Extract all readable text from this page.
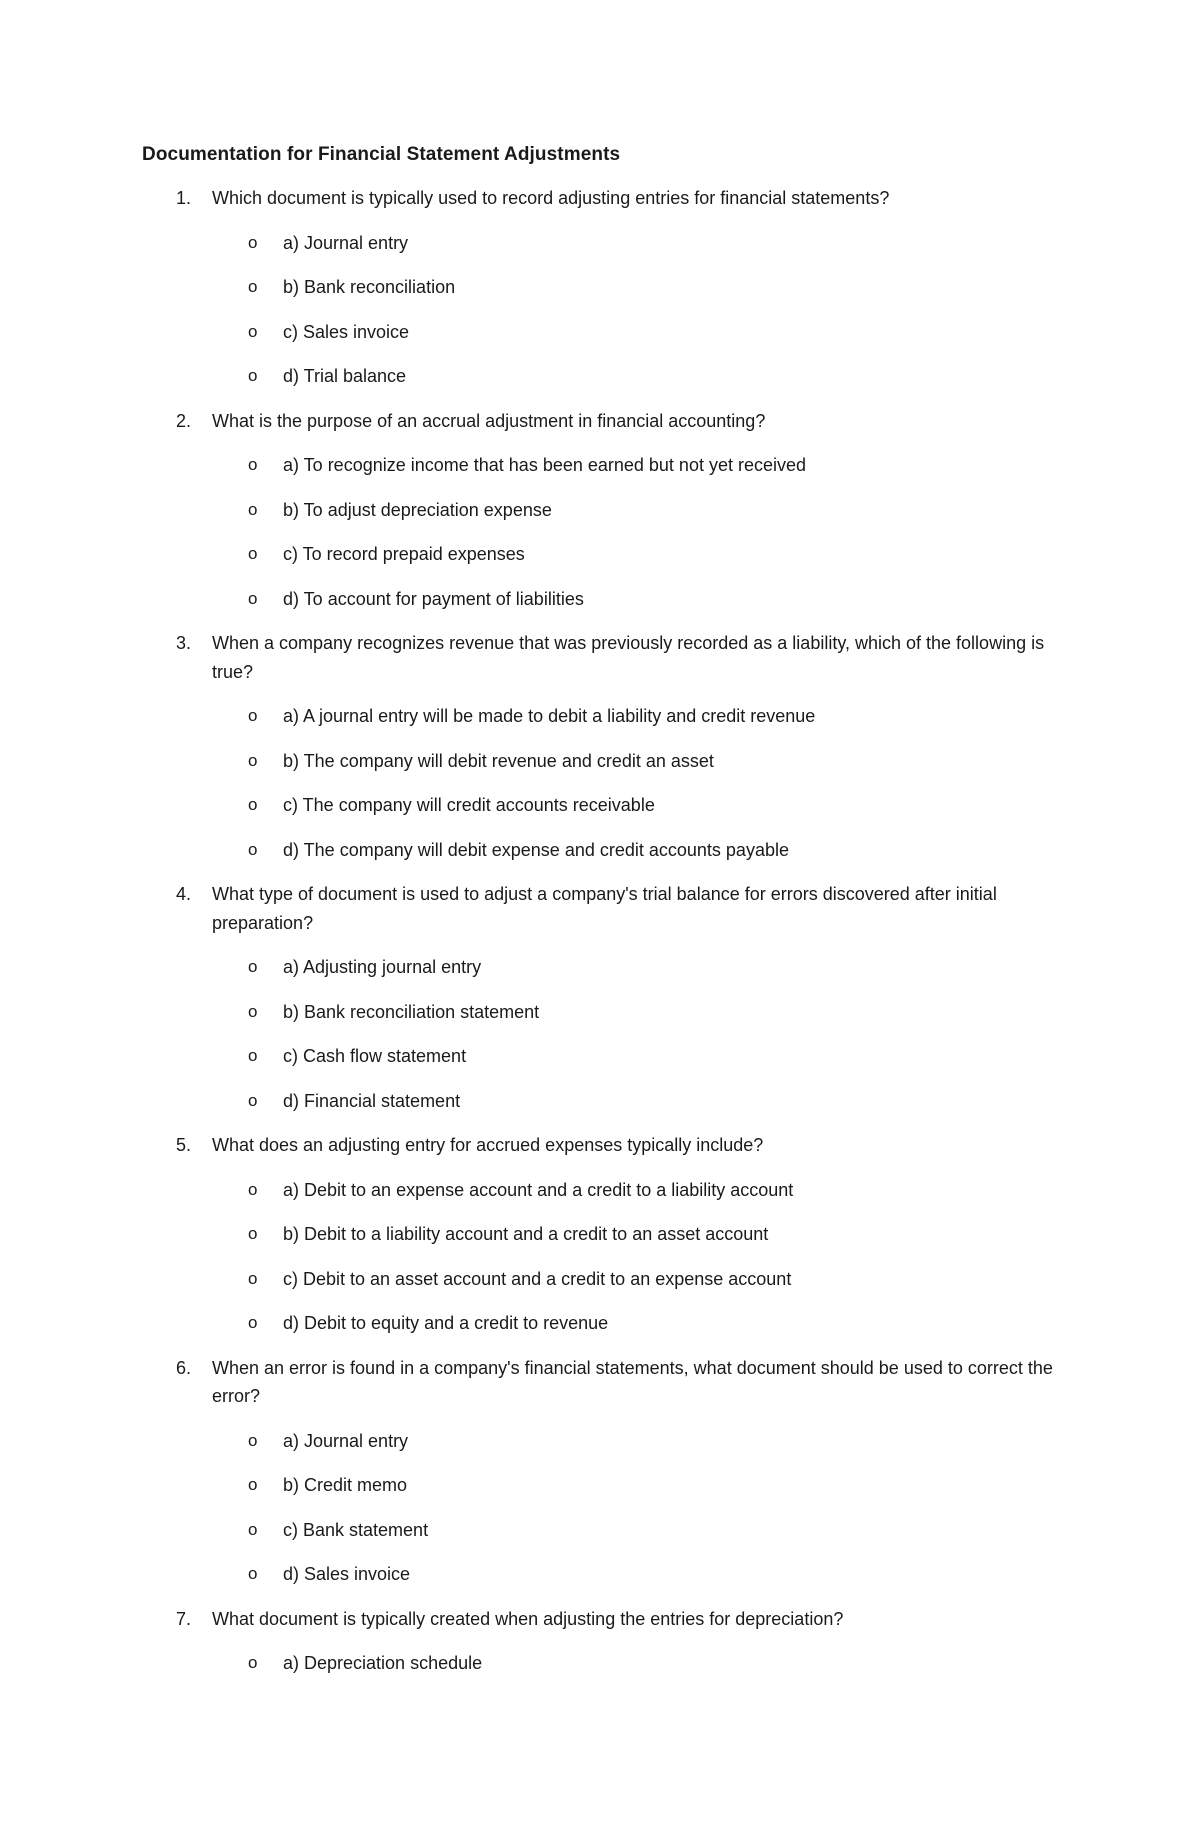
Documentation for Financial Statement Adjustments
1. Which document is typically used to record adjusting entries for financial statements?
o a) Journal entry
o b) Bank reconciliation
o c) Sales invoice
o d) Trial balance
2. What is the purpose of an accrual adjustment in financial accounting?
o a) To recognize income that has been earned but not yet received
o b) To adjust depreciation expense
o c) To record prepaid expenses
o d) To account for payment of liabilities
3. When a company recognizes revenue that was previously recorded as a liability, which of the following is true?
o a) A journal entry will be made to debit a liability and credit revenue
o b) The company will debit revenue and credit an asset
o c) The company will credit accounts receivable
o d) The company will debit expense and credit accounts payable
4. What type of document is used to adjust a company's trial balance for errors discovered after initial preparation?
o a) Adjusting journal entry
o b) Bank reconciliation statement
o c) Cash flow statement
o d) Financial statement
5. What does an adjusting entry for accrued expenses typically include?
o a) Debit to an expense account and a credit to a liability account
o b) Debit to a liability account and a credit to an asset account
o c) Debit to an asset account and a credit to an expense account
o d) Debit to equity and a credit to revenue
6. When an error is found in a company's financial statements, what document should be used to correct the error?
o a) Journal entry
o b) Credit memo
o c) Bank statement
o d) Sales invoice
7. What document is typically created when adjusting the entries for depreciation?
o a) Depreciation schedule
